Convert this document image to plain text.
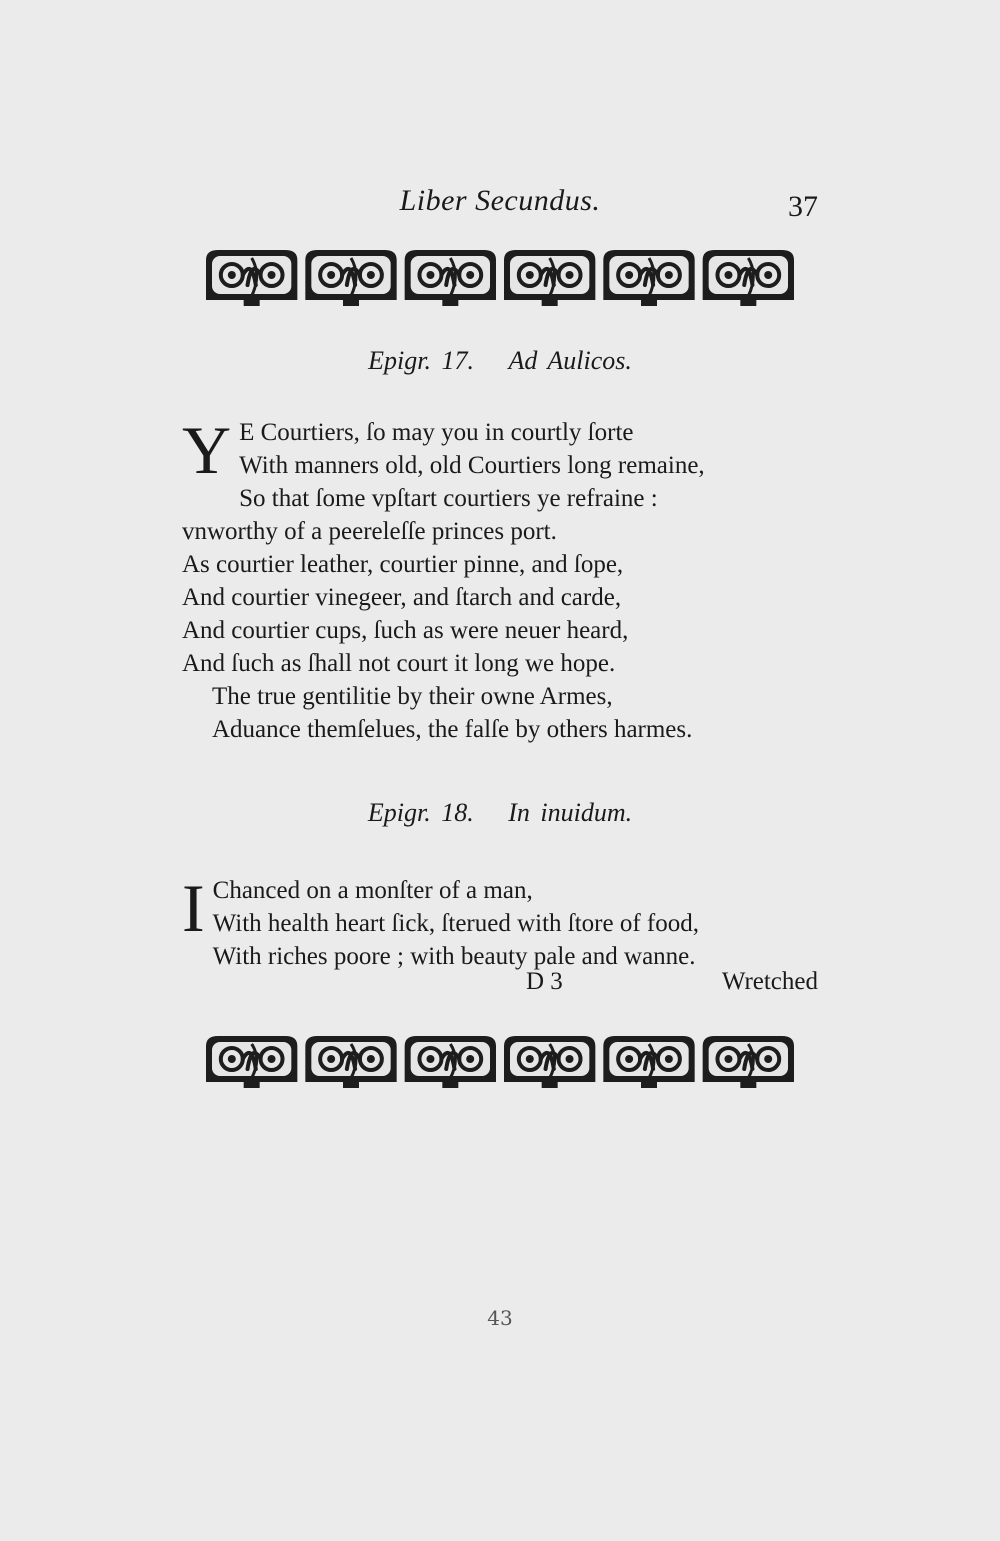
Liber Secundus.	37
Epigr. 17. Ad Aulicos.
Y E Courtiers, ſo may you in courtly ſorte
With manners old, old Courtiers long remaine,
So that ſome vpſtart courtiers ye refraine :
vnworthy of a peereleſſe princes port.
As courtier leather, courtier pinne, and ſope,
And courtier vinegeer, and ſtarch and carde,
And courtier cups, ſuch as were neuer heard,
And ſuch as ſhall not court it long we hope.
The true gentilitie by their owne Armes,
Aduance themſelues, the falſe by others harmes.
Epigr. 18. In inuidum.
I Chanced on a monſter of a man,
With health heart ſick, ſterued with ſtore of food,
With riches poore ; with beauty pale and wanne.
D 3	Wretched
43
